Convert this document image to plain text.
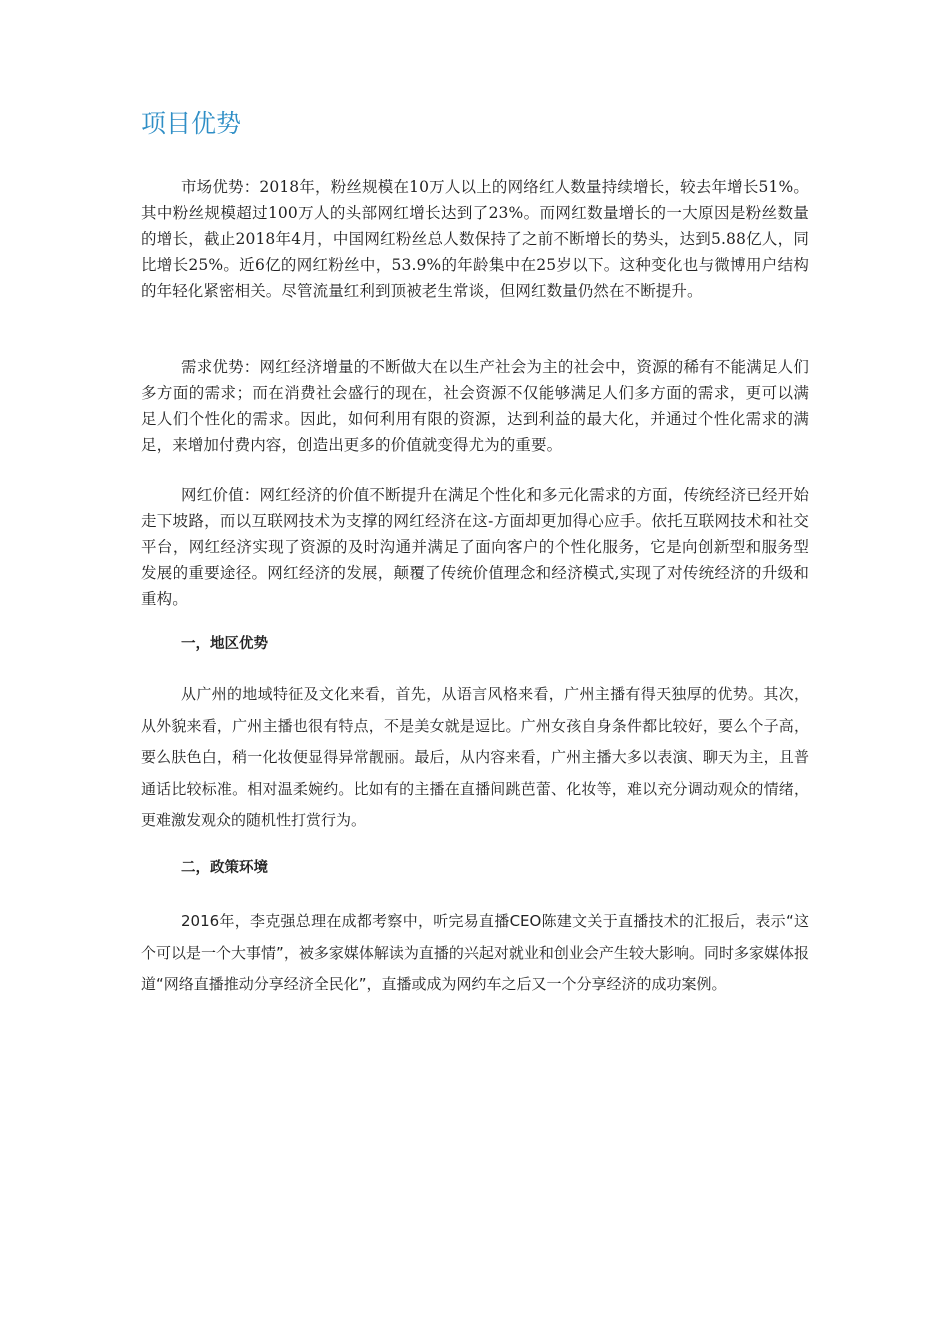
项目优势

市场优势：2018年，粉丝规模在10万人以上的网络红人数量持续增长，较去年增长51%。其中粉丝规模超过100万人的头部网红增长达到了23%。而网红数量增长的一大原因是粉丝数量的增长，截止2018年4月，中国网红粉丝总人数保持了之前不断增长的势头，达到5.88亿人，同比增长25%。近6亿的网红粉丝中，53.9%的年龄集中在25岁以下。这种变化也与微博用户结构的年轻化紧密相关。尽管流量红利到顶被老生常谈，但网红数量仍然在不断提升。

需求优势：网红经济增量的不断做大在以生产社会为主的社会中，资源的稀有不能满足人们多方面的需求；而在消费社会盛行的现在，社会资源不仅能够满足人们多方面的需求，更可以满足人们个性化的需求。因此，如何利用有限的资源，达到利益的最大化，并通过个性化需求的满足，来增加付费内容，创造出更多的价值就变得尤为的重要。

网红价值：网红经济的价值不断提升在满足个性化和多元化需求的方面，传统经济已经开始走下坡路，而以互联网技术为支撑的网红经济在这-方面却更加得心应手。依托互联网技术和社交平台，网红经济实现了资源的及时沟通并满足了面向客户的个性化服务，它是向创新型和服务型发展的重要途径。网红经济的发展，颠覆了传统价值理念和经济模式,实现了对传统经济的升级和重构。

一，地区优势

从广州的地域特征及文化来看，首先，从语言风格来看，广州主播有得天独厚的优势。其次，从外貌来看，广州主播也很有特点，不是美女就是逗比。广州女孩自身条件都比较好，要么个子高，要么肤色白，稍一化妆便显得异常靓丽。最后，从内容来看，广州主播大多以表演、聊天为主，且普通话比较标准。相对温柔婉约。比如有的主播在直播间跳芭蕾、化妆等，难以充分调动观众的情绪，更难激发观众的随机性打赏行为。

二，政策环境

2016年，李克强总理在成都考察中，听完易直播CEO陈建文关于直播技术的汇报后，表示“这个可以是一个大事情”，被多家媒体解读为直播的兴起对就业和创业会产生较大影响。同时多家媒体报道“网络直播推动分享经济全民化”，直播或成为网约车之后又一个分享经济的成功案例。
